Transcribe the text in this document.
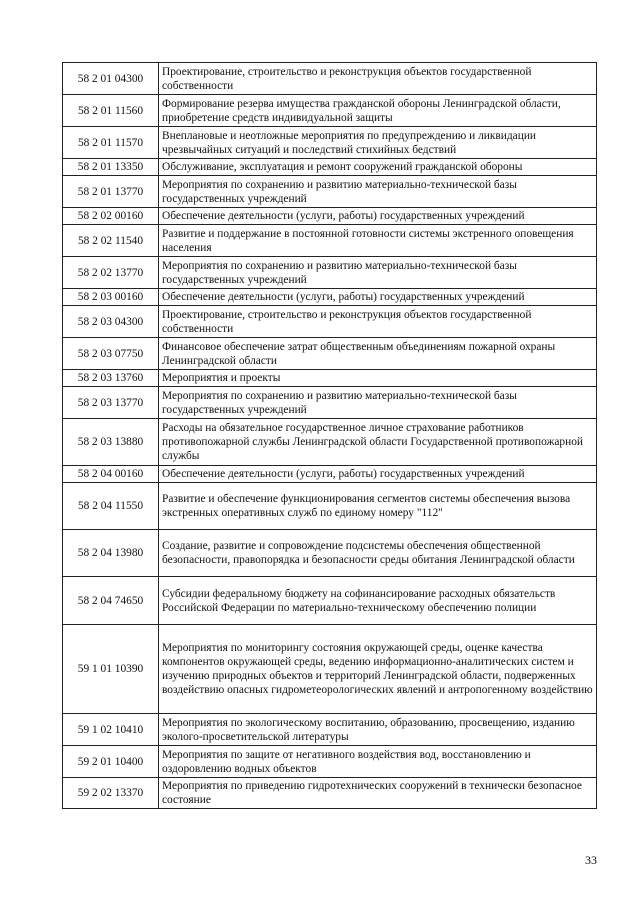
58 2 01 04300	Проектирование, строительство и реконструкция объектов государственной собственности
58 2 01 11560	Формирование резерва имущества гражданской обороны Ленинградской области, приобретение средств индивидуальной защиты
58 2 01 11570	Внеплановые и неотложные мероприятия по предупреждению и ликвидации чрезвычайных ситуаций и последствий стихийных бедствий
58 2 01 13350	Обслуживание, эксплуатация и ремонт сооружений гражданской обороны
58 2 01 13770	Мероприятия по сохранению и развитию материально-технической базы государственных учреждений
58 2 02 00160	Обеспечение деятельности (услуги, работы) государственных учреждений
58 2 02 11540	Развитие и поддержание в постоянной готовности системы экстренного оповещения населения
58 2 02 13770	Мероприятия по сохранению и развитию материально-технической базы государственных учреждений
58 2 03 00160	Обеспечение деятельности (услуги, работы) государственных учреждений
58 2 03 04300	Проектирование, строительство и реконструкция объектов государственной собственности
58 2 03 07750	Финансовое обеспечение затрат общественным объединениям пожарной охраны Ленинградской области
58 2 03 13760	Мероприятия и проекты
58 2 03 13770	Мероприятия по сохранению и развитию материально-технической базы государственных учреждений
58 2 03 13880	Расходы на обязательное государственное личное страхование работников противопожарной службы Ленинградской области Государственной противопожарной службы
58 2 04 00160	Обеспечение деятельности (услуги, работы) государственных учреждений
58 2 04 11550	Развитие и обеспечение функционирования сегментов системы обеспечения вызова экстренных оперативных служб по единому номеру "112"
58 2 04 13980	Создание, развитие и сопровождение подсистемы обеспечения общественной безопасности, правопорядка и безопасности среды обитания Ленинградской области
58 2 04 74650	Субсидии федеральному бюджету на софинансирование расходных обязательств Российской Федерации по материально-техническому обеспечению полиции
59 1 01 10390	Мероприятия по мониторингу состояния окружающей среды, оценке качества компонентов окружающей среды, ведению информационно-аналитических систем и изучению природных объектов и территорий Ленинградской области, подверженных воздействию опасных гидрометеорологических явлений и антропогенному воздействию
59 1 02 10410	Мероприятия по экологическому воспитанию, образованию, просвещению, изданию эколого-просветительской литературы
59 2 01 10400	Мероприятия по защите от негативного воздействия вод, восстановлению и оздоровлению водных объектов
59 2 02 13370	Мероприятия по приведению гидротехнических сооружений в технически безопасное состояние
33
